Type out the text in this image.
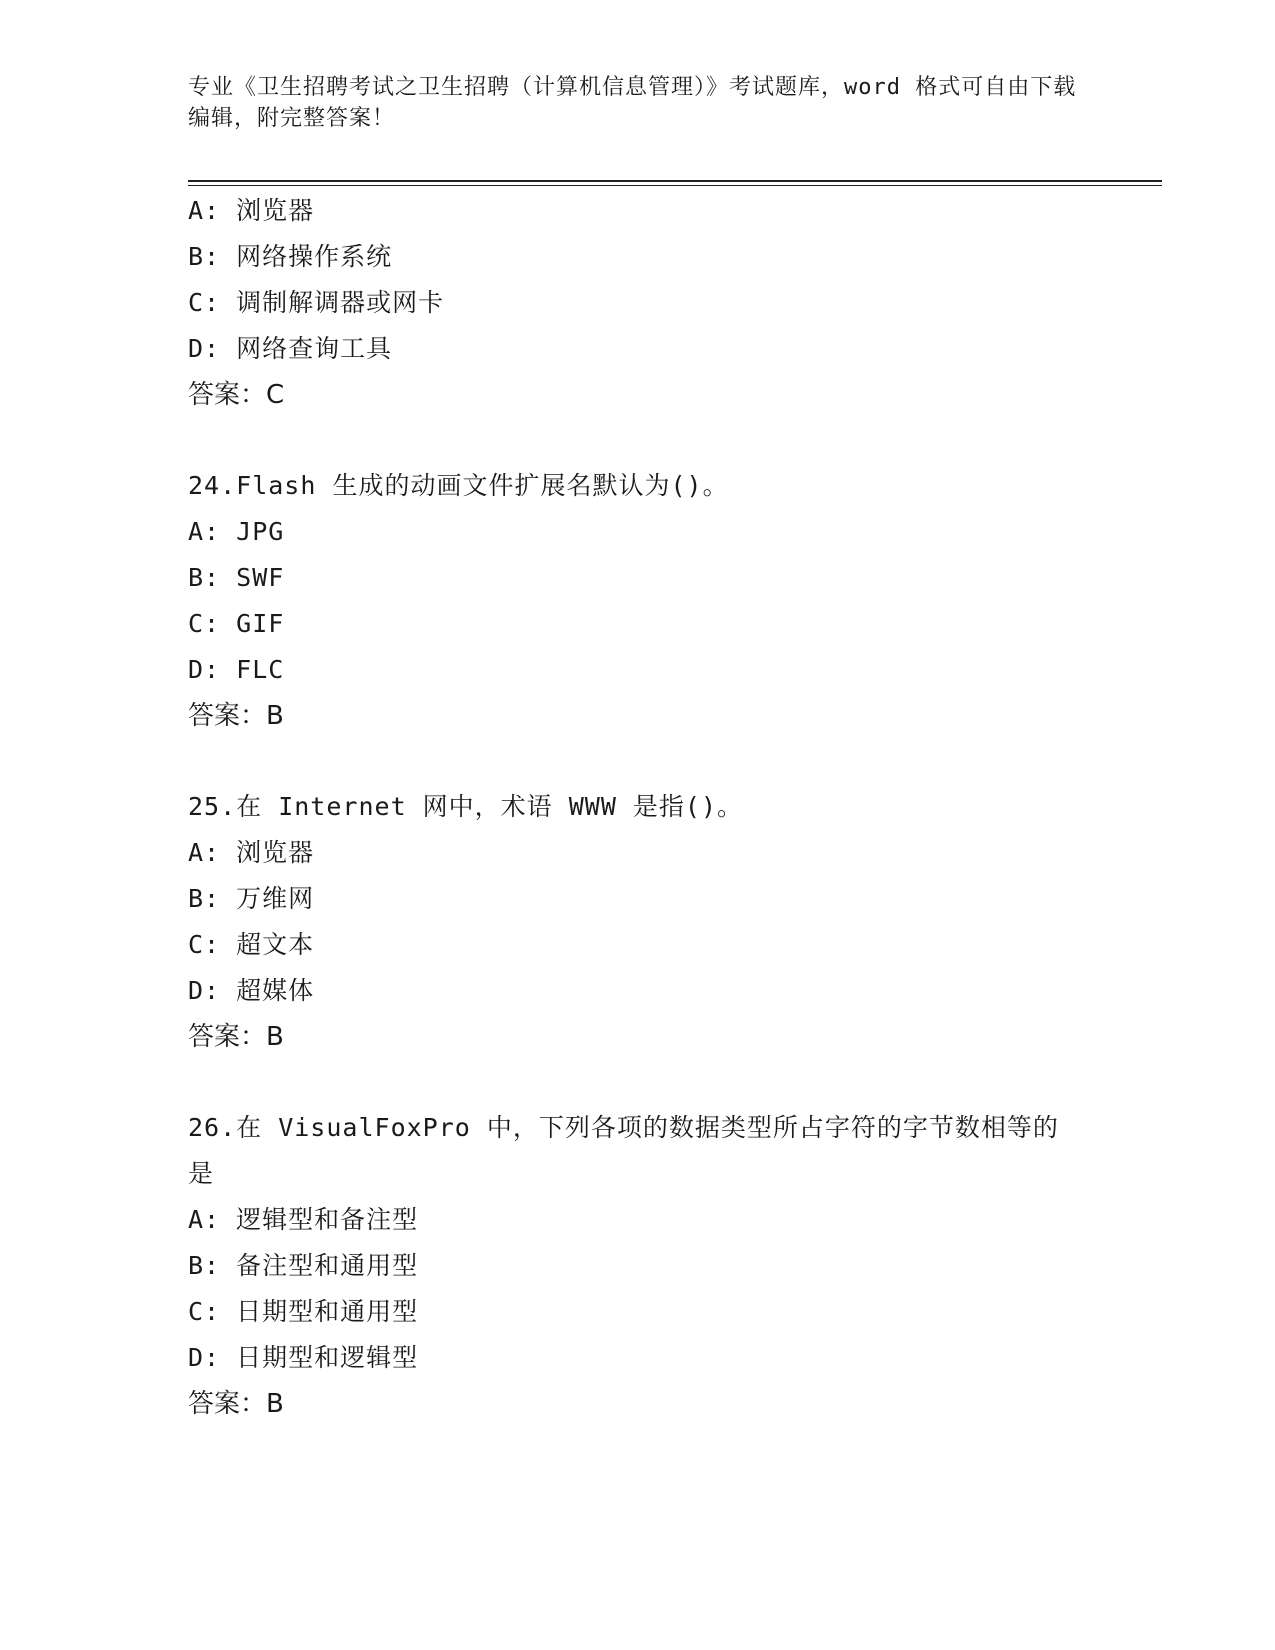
专业《卫生招聘考试之卫生招聘（计算机信息管理）》考试题库，word 格式可自由下载编辑，附完整答案！

A: 浏览器
B: 网络操作系统
C: 调制解调器或网卡
D: 网络查询工具
答案：C
24.Flash 生成的动画文件扩展名默认为()。
A: JPG
B: SWF
C: GIF
D: FLC
答案：B
25.在 Internet 网中，术语 WWW 是指()。
A: 浏览器
B: 万维网
C: 超文本
D: 超媒体
答案：B
26.在 VisualFoxPro 中，下列各项的数据类型所占字符的字节数相等的是
A: 逻辑型和备注型
B: 备注型和通用型
C: 日期型和通用型
D: 日期型和逻辑型
答案：B
